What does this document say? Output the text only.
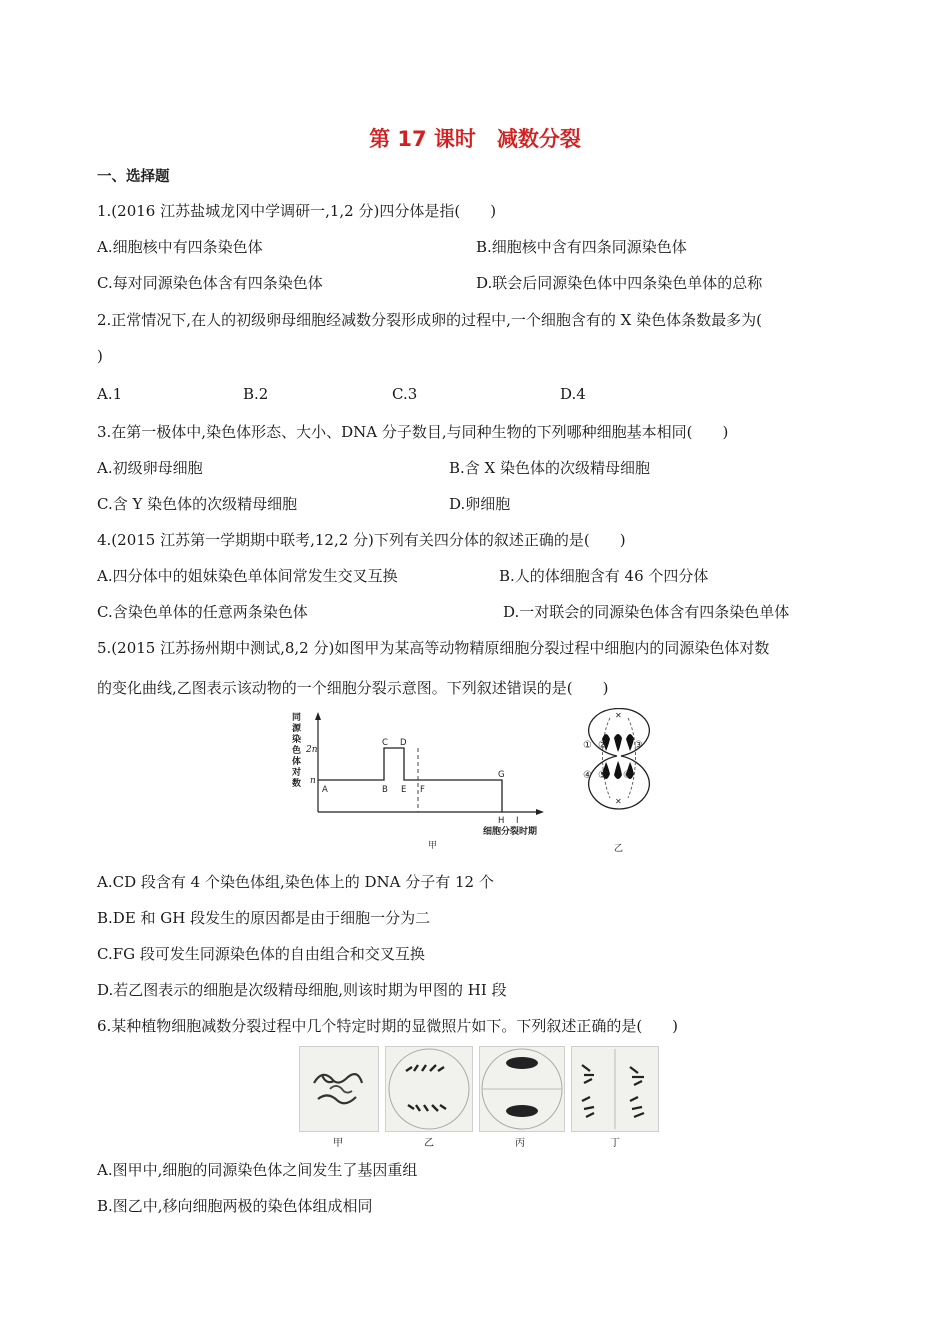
第 17 课时　减数分裂
一、选择题
1.(2016 江苏盐城龙冈中学调研一,1,2 分)四分体是指(　　)
A.细胞核中有四条染色体	B.细胞核中含有四条同源染色体
C.每对同源染色体含有四条染色体	D.联会后同源染色体中四条染色单体的总称
2.正常情况下,在人的初级卵母细胞经减数分裂形成卵的过程中,一个细胞含有的 X 染色体条数最多为(
)
A.1	B.2	C.3	D.4
3.在第一极体中,染色体形态、大小、DNA 分子数目,与同种生物的下列哪种细胞基本相同(　　)
A.初级卵母细胞	B.含 X 染色体的次级精母细胞
C.含 Y 染色体的次级精母细胞	D.卵细胞
4.(2015 江苏第一学期期中联考,12,2 分)下列有关四分体的叙述正确的是(　　)
A.四分体中的姐妹染色单体间常发生交叉互换	B.人的体细胞含有 46 个四分体
C.含染色单体的任意两条染色体	D.一对联会的同源染色体含有四条染色单体
5.(2015 江苏扬州期中测试,8,2 分)如图甲为某高等动物精原细胞分裂过程中细胞内的同源染色体对数
的变化曲线,乙图表示该动物的一个细胞分裂示意图。下列叙述错误的是(　　)
同
源
染
色
体
对
数
2n
n
A	B
C D
E F
G
H I
细胞分裂时期
甲
✕
✕
① ②	③
④ ⑤ ⑥
乙
A.CD 段含有 4 个染色体组,染色体上的 DNA 分子有 12 个
B.DE 和 GH 段发生的原因都是由于细胞一分为二
C.FG 段可发生同源染色体的自由组合和交叉互换
D.若乙图表示的细胞是次级精母细胞,则该时期为甲图的 HI 段
6.某种植物细胞减数分裂过程中几个特定时期的显微照片如下。下列叙述正确的是(　　)
甲	乙	丙	丁
A.图甲中,细胞的同源染色体之间发生了基因重组
B.图乙中,移向细胞两极的染色体组成相同
